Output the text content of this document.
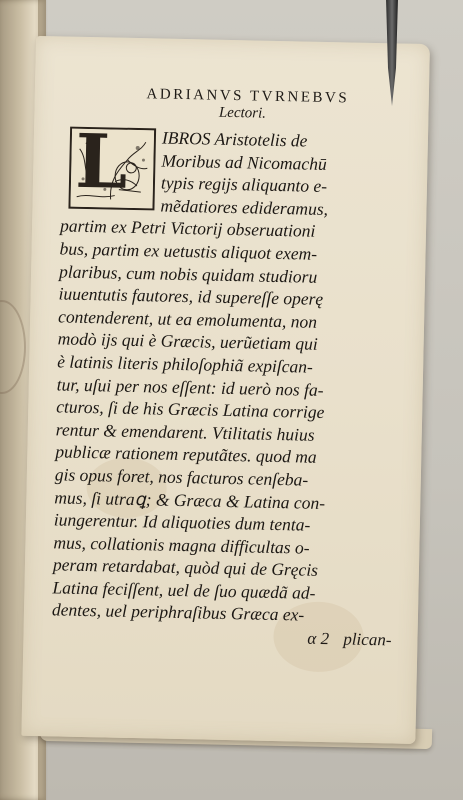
ADRIANVS TVRNEBVS
Lectori.
L	IBROS Aristotelis de
Moribus ad Nicomachū
typis regijs aliquanto e-
mẽdatiores edideramus,
partim ex Petri Victorij obseruationi
bus, partim ex uetustis aliquot exem-
plaribus, cum nobis quidam studioru
iuuentutis fautores, id supereſſe operę
contenderent, ut ea emolumenta, non
modò ijs qui è Græcis, uerũetiam qui
è latinis literis philoſophiã expiſcan-
tur, uſui per nos eſſent: id uerò nos fa-
cturos, ſi de his Græcis Latina corrige
rentur & emendarent. Vtilitatis huius
publicæ rationem reputãtes. quod ma
gis opus foret, nos facturos cenſeba-
mus, ſi utraꝗ; & Græca & Latina con-
iungerentur. Id aliquoties dum tenta-
mus, collationis magna difficultas o-
peram retardabat, quòd qui de Gręcis
Latina feciſſent, uel de ſuo quædã ad-
dentes, uel periphraſibus Græca ex-
α 2 plican-
